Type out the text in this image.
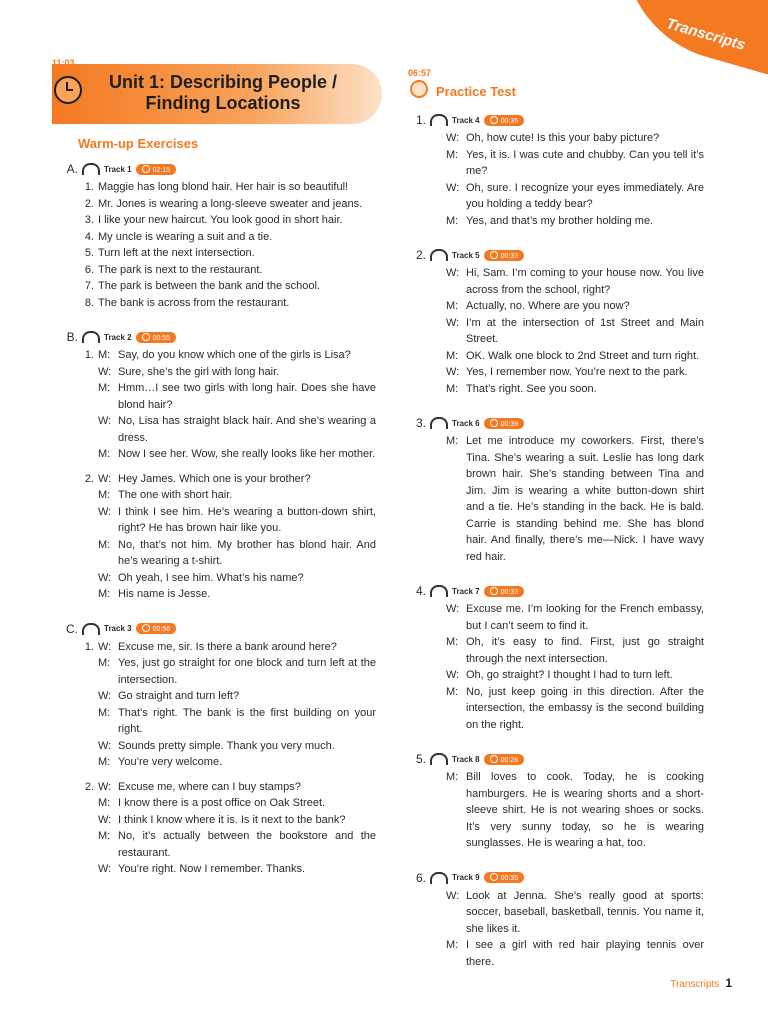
Transcripts
11:03
Unit 1: Describing People /
Finding Locations
Warm-up Exercises
A.	Track 1	02:15
1. Maggie has long blond hair. Her hair is so beautiful!
2. Mr. Jones is wearing a long-sleeve sweater and jeans.
3. I like your new haircut. You look good in short hair.
4. My uncle is wearing a suit and a tie.
5. Turn left at the next intersection.
6. The park is next to the restaurant.
7. The park is between the bank and the school.
8. The bank is across from the restaurant.
B.	Track 2	00:55
1. M: Say, do you know which one of the girls is Lisa?
W: Sure, she’s the girl with long hair.
M: Hmm…I see two girls with long hair. Does she have blond hair?
W: No, Lisa has straight black hair. And she’s wearing a dress.
M: Now I see her. Wow, she really looks like her mother.
2. W: Hey James. Which one is your brother?
M: The one with short hair.
W: I think I see him. He’s wearing a button-down shirt, right? He has brown hair like you.
M: No, that’s not him. My brother has blond hair. And he’s wearing a t-shirt.
W: Oh yeah, I see him. What’s his name?
M: His name is Jesse.
C.	Track 3	00:56
1. W: Excuse me, sir. Is there a bank around here?
M: Yes, just go straight for one block and turn left at the intersection.
W: Go straight and turn left?
M: That’s right. The bank is the first building on your right.
W: Sounds pretty simple. Thank you very much.
M: You’re very welcome.
2. W: Excuse me, where can I buy stamps?
M: I know there is a post office on Oak Street.
W: I think I know where it is. Is it next to the bank?
M: No, it’s actually between the bookstore and the restaurant.
W: You’re right. Now I remember. Thanks.
06:57
Practice Test
1.	Track 4	00:35
W: Oh, how cute! Is this your baby picture?
M: Yes, it is. I was cute and chubby. Can you tell it’s me?
W: Oh, sure. I recognize your eyes immediately. Are you holding a teddy bear?
M: Yes, and that’s my brother holding me.
2.	Track 5	00:33
W: Hi, Sam. I’m coming to your house now. You live across from the school, right?
M: Actually, no. Where are you now?
W: I’m at the intersection of 1st Street and Main Street.
M: OK. Walk one block to 2nd Street and turn right.
W: Yes, I remember now. You’re next to the park.
M: That’s right. See you soon.
3.	Track 6	00:39
M: Let me introduce my coworkers. First, there’s Tina. She’s wearing a suit. Leslie has long dark brown hair. She’s standing between Tina and Jim. Jim is wearing a white button-down shirt and a tie. He’s standing in the back. He is bald. Carrie is standing behind me. She has blond hair. And finally, there’s me—Nick. I have wavy red hair.
4.	Track 7	00:33
W: Excuse me. I’m looking for the French embassy, but I can’t seem to find it.
M: Oh, it’s easy to find. First, just go straight through the next intersection.
W: Oh, go straight? I thought I had to turn left.
M: No, just keep going in this direction. After the intersection, the embassy is the second building on the right.
5.	Track 8	00:28
M: Bill loves to cook. Today, he is cooking hamburgers. He is wearing shorts and a short-sleeve shirt. He is not wearing shoes or socks. It’s very sunny today, so he is wearing sunglasses. He is wearing a hat, too.
6.	Track 9	00:35
W: Look at Jenna. She’s really good at sports: soccer, baseball, basketball, tennis. You name it, she likes it.
M: I see a girl with red hair playing tennis over there.
Transcripts 1
